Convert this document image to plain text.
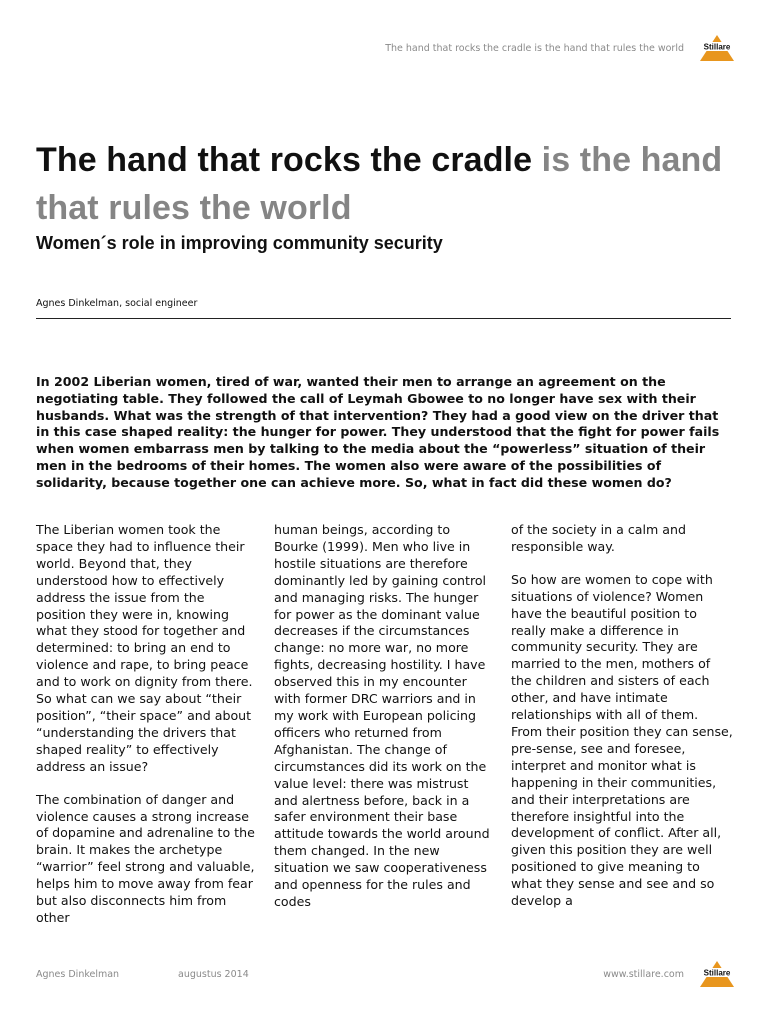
The hand that rocks the cradle is the hand that rules the world Stillare
The hand that rocks the cradle is the hand that rules the world
Women´s role in improving community security
Agnes Dinkelman, social engineer

In 2002 Liberian women, tired of war, wanted their men to arrange an agreement on the negotiating table. They followed the call of Leymah Gbowee to no longer have sex with their husbands. What was the strength of that intervention? They had a good view on the driver that in this case shaped reality: the hunger for power. They understood that the fight for power fails when women embarrass men by talking to the media about the “powerless” situation of their men in the bedrooms of their homes. The women also were aware of the possibilities of solidarity, because together one can achieve more. So, what in fact did these women do?

The Liberian women took the space they had to influence their world. Beyond that, they understood how to effectively address the issue from the position they were in, knowing what they stood for together and determined: to bring an end to violence and rape, to bring peace and to work on dignity from there. So what can we say about “their position”, “their space” and about “understanding the drivers that shaped reality” to effectively address an issue?

The combination of danger and violence causes a strong increase of dopamine and adrenaline to the brain. It makes the archetype “warrior” feel strong and valuable, helps him to move away from fear but also disconnects him from other

human beings, according to Bourke (1999). Men who live in hostile situations are therefore dominantly led by gaining control and managing risks. The hunger for power as the dominant value decreases if the circumstances change: no more war, no more fights, decreasing hostility. I have observed this in my encounter with former DRC warriors and in my work with European policing officers who returned from Afghanistan. The change of circumstances did its work on the value level: there was mistrust and alertness before, back in a safer environment their base attitude towards the world around them changed. In the new situation we saw cooperativeness and openness for the rules and codes

of the society in a calm and responsible way.

So how are women to cope with situations of violence? Women have the beautiful position to really make a difference in community security. They are married to the men, mothers of the children and sisters of each other, and have intimate relationships with all of them. From their position they can sense, pre-sense, see and foresee, interpret and monitor what is happening in their communities, and their interpretations are therefore insightful into the development of conflict. After all, given this position they are well positioned to give meaning to what they sense and see and so develop a

Agnes Dinkelman	augustus 2014	www.stillare.com Stillare
